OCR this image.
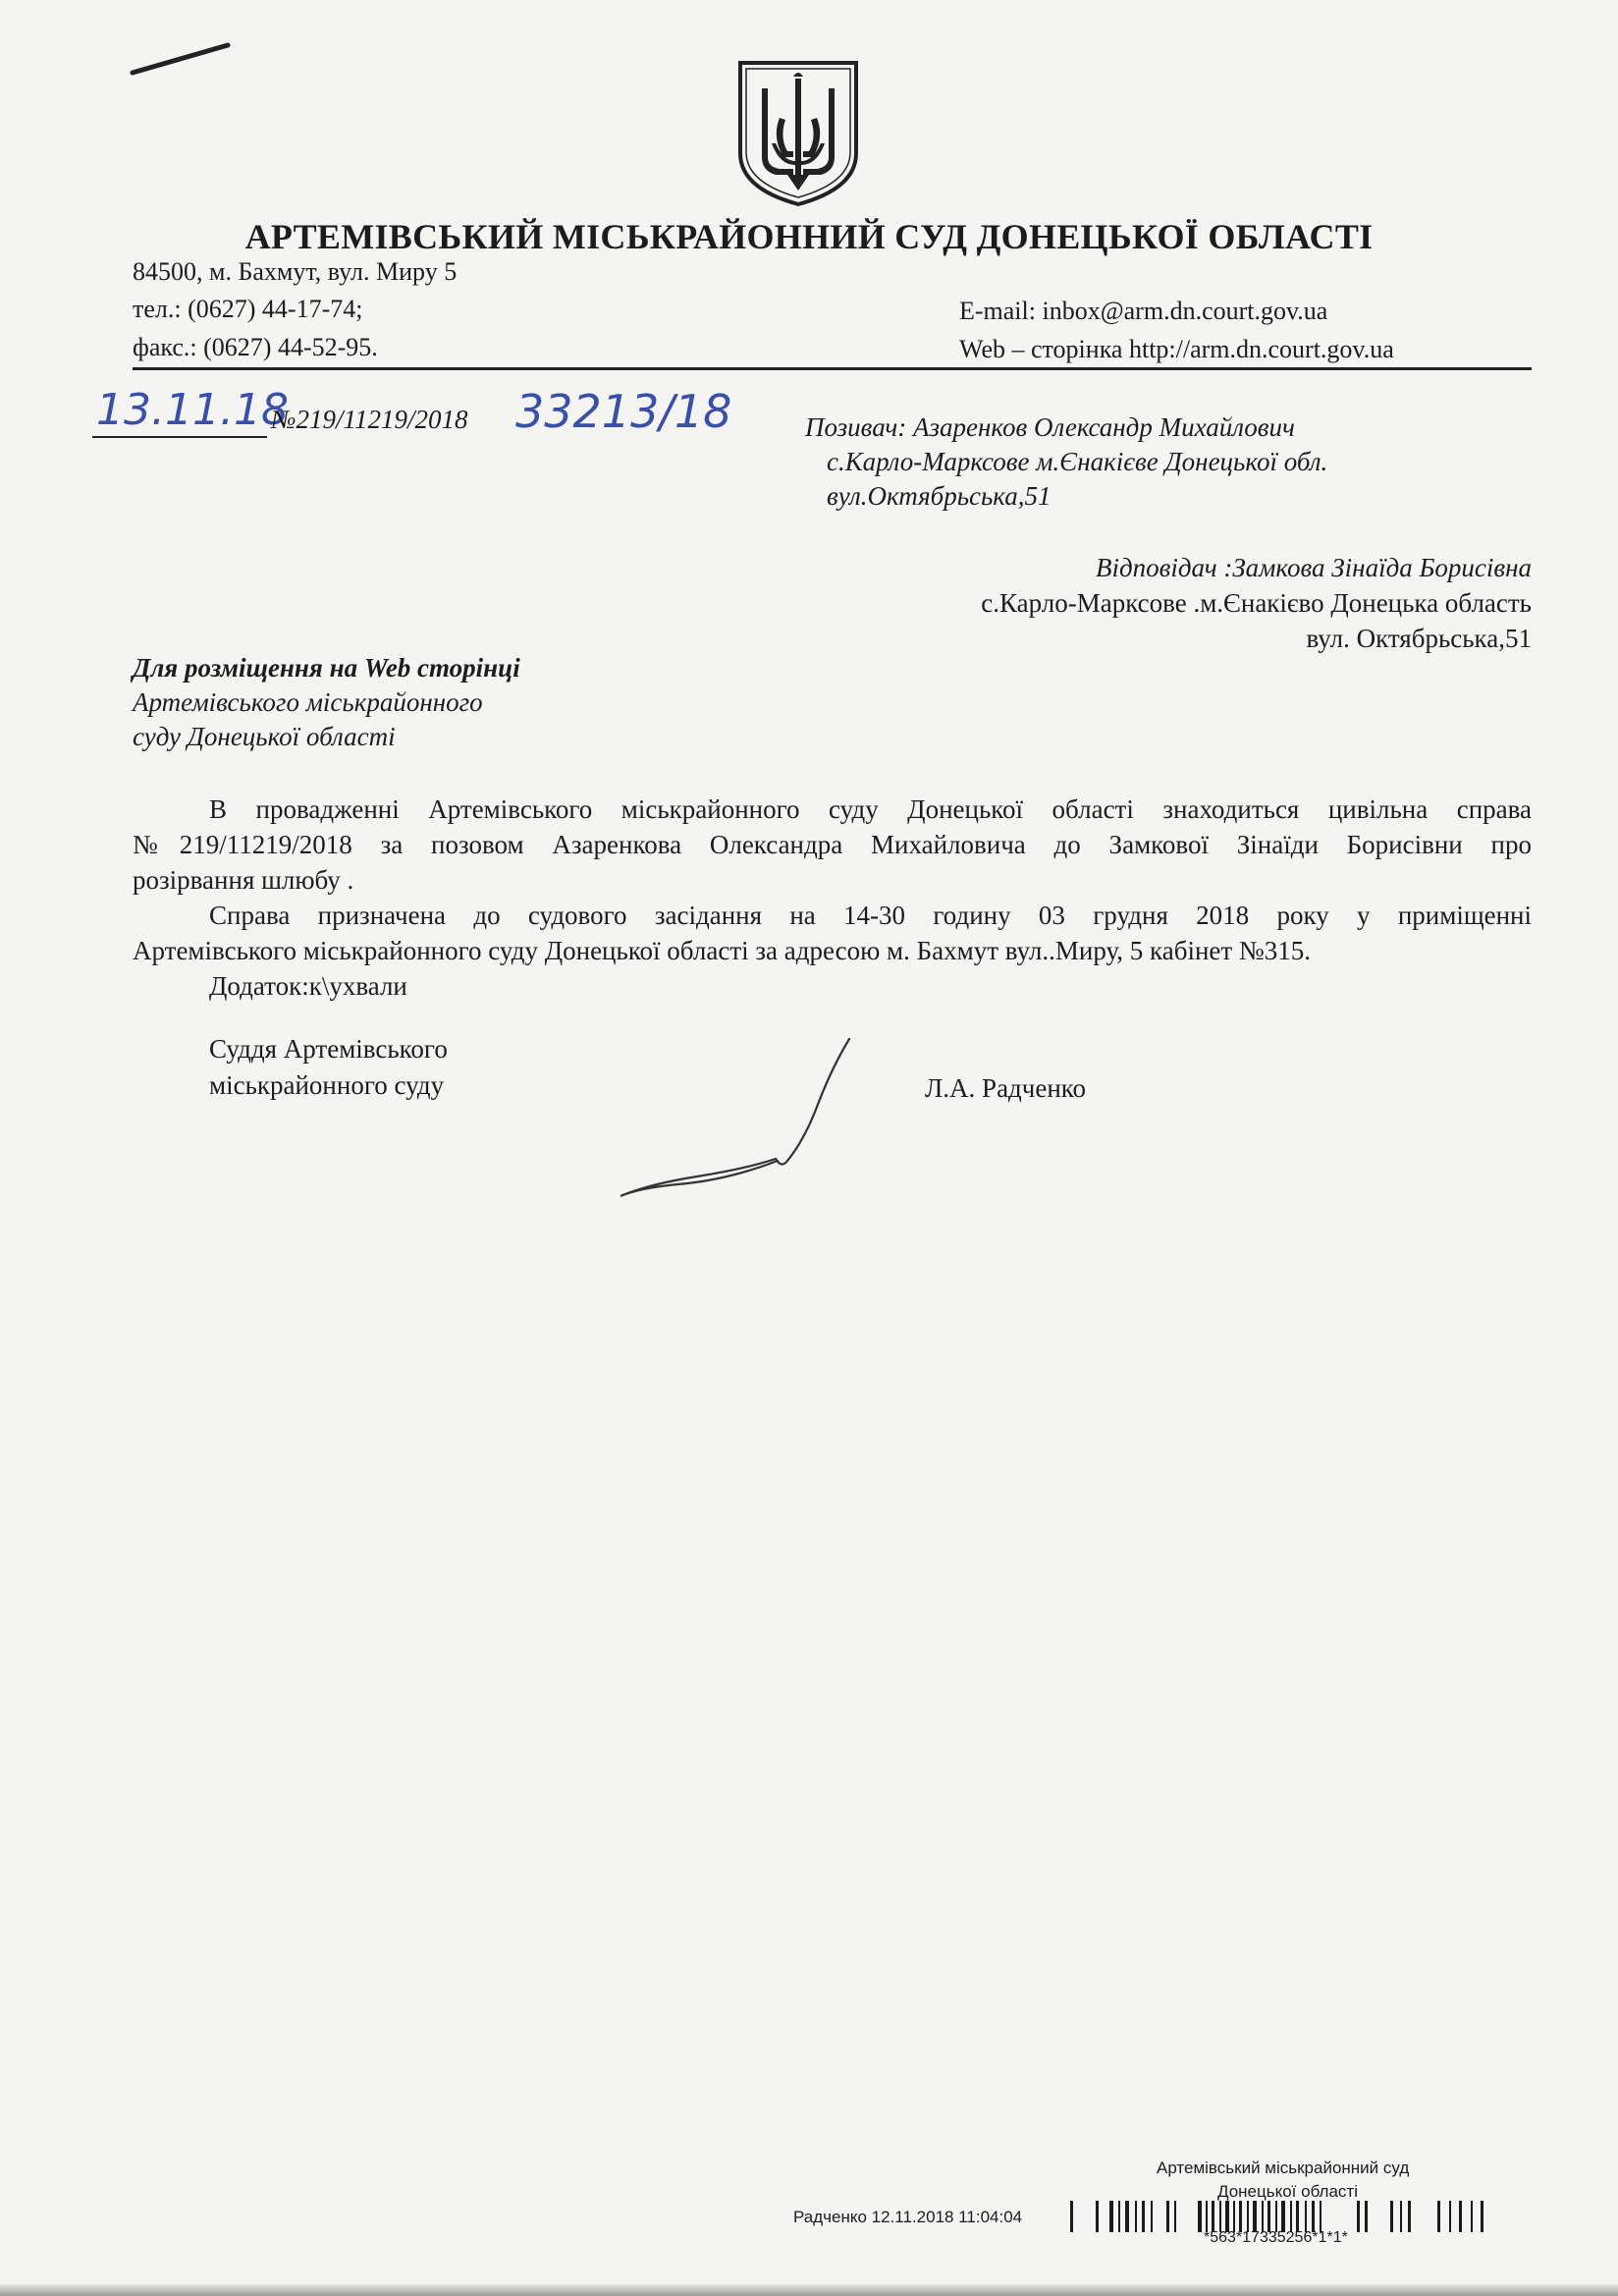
АРТЕМІВСЬКИЙ МІСЬКРАЙОННИЙ СУД ДОНЕЦЬКОЇ ОБЛАСТІ
84500, м. Бахмут, вул. Миру 5
тел.: (0627) 44-17-74;
факс.: (0627) 44-52-95.
E-mail: inbox@arm.dn.court.gov.ua
Web – сторінка http://arm.dn.court.gov.ua
13.11.18
№219/11219/2018 33213/18	Позивач: Азаренков Олександр Михайлович
с.Карло-Марксове м.Єнакієве Донецької обл.
вул.Октябрьська,51
Відповідач :Замкова Зінаїда Борисівна
с.Карло-Марксове .м.Єнакієво Донецька область
вул. Октябрьська,51
Для розміщення на Web сторінці
Артемівського міськрайонного
суду Донецької області
В провадженні Артемівського міськрайонного суду Донецької області знаходиться цивільна справа
№219/11219/2018 за позовом Азаренкова Олександра Михайловича до Замкової Зінаїди Борисівни про
розірвання шлюбу .
Справа призначена до судового засідання на 14-30 годину 03 грудня 2018 року у приміщенні
Артемівського міськрайонного суду Донецької області за адресою м. Бахмут вул..Миру, 5 кабінет №315.
Додаток:к\ухвали
Суддя Артемівського
міськрайонного суду	Л.А. Радченко
Артемівський міськрайонний суд
Донецької області
Радченко 12.11.2018 11:04:04
*563*17335256*1*1*
